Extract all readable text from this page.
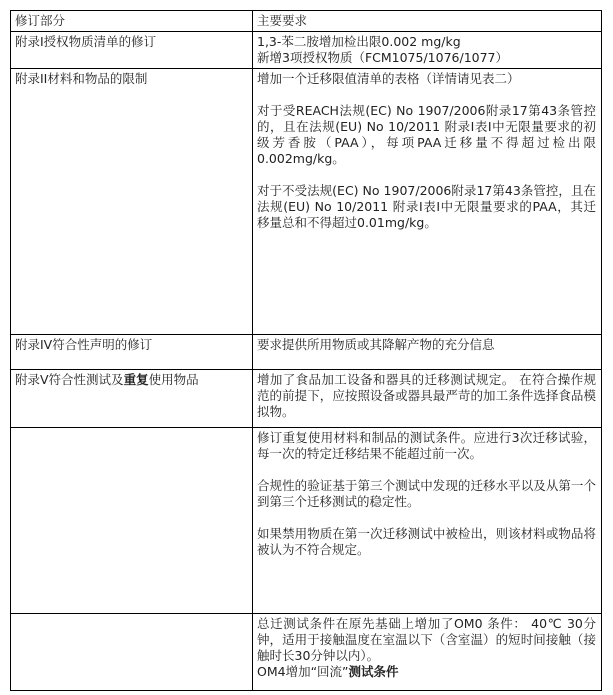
修订部分	主要要求
附录I授权物质清单的修订	1,3-苯二胺增加检出限0.002 mg/kg
新增3项授权物质（FCM1075/1076/1077）

附录II材料和物品的限制	增加一个迁移限值清单的表格（详情请见表二）

对于受REACH法规(EC) No 1907/2006附录17第43条管控的，且在法规(EU) No 10/2011 附录I表I中无限量要求的初级芳香胺（PAA），每项PAA迁移量不得超过检出限0.002mg/kg。

对于不受法规(EC) No 1907/2006附录17第43条管控，且在法规(EU) No 10/2011 附录I表I中无限量要求的PAA，其迁移量总和不得超过0.01mg/kg。

附录IV符合性声明的修订	要求提供所用物质或其降解产物的充分信息

附录V符合性测试及重复使用物品	增加了食品加工设备和器具的迁移测试规定。 在符合操作规范的前提下，应按照设备或器具最严苛的加工条件选择食品模拟物。

	修订重复使用材料和制品的测试条件。应进行3次迁移试验，每一次的特定迁移结果不能超过前一次。

合规性的验证基于第三个测试中发现的迁移水平以及从第一个到第三个迁移测试的稳定性。

如果禁用物质在第一次迁移测试中被检出，则该材料或物品将被认为不符合规定。

	总迁测试条件在原先基础上增加了OM0 条件： 40℃ 30分钟，适用于接触温度在室温以下（含室温）的短时间接触（接触时长30分钟以内）。
OM4增加“回流”测试条件
